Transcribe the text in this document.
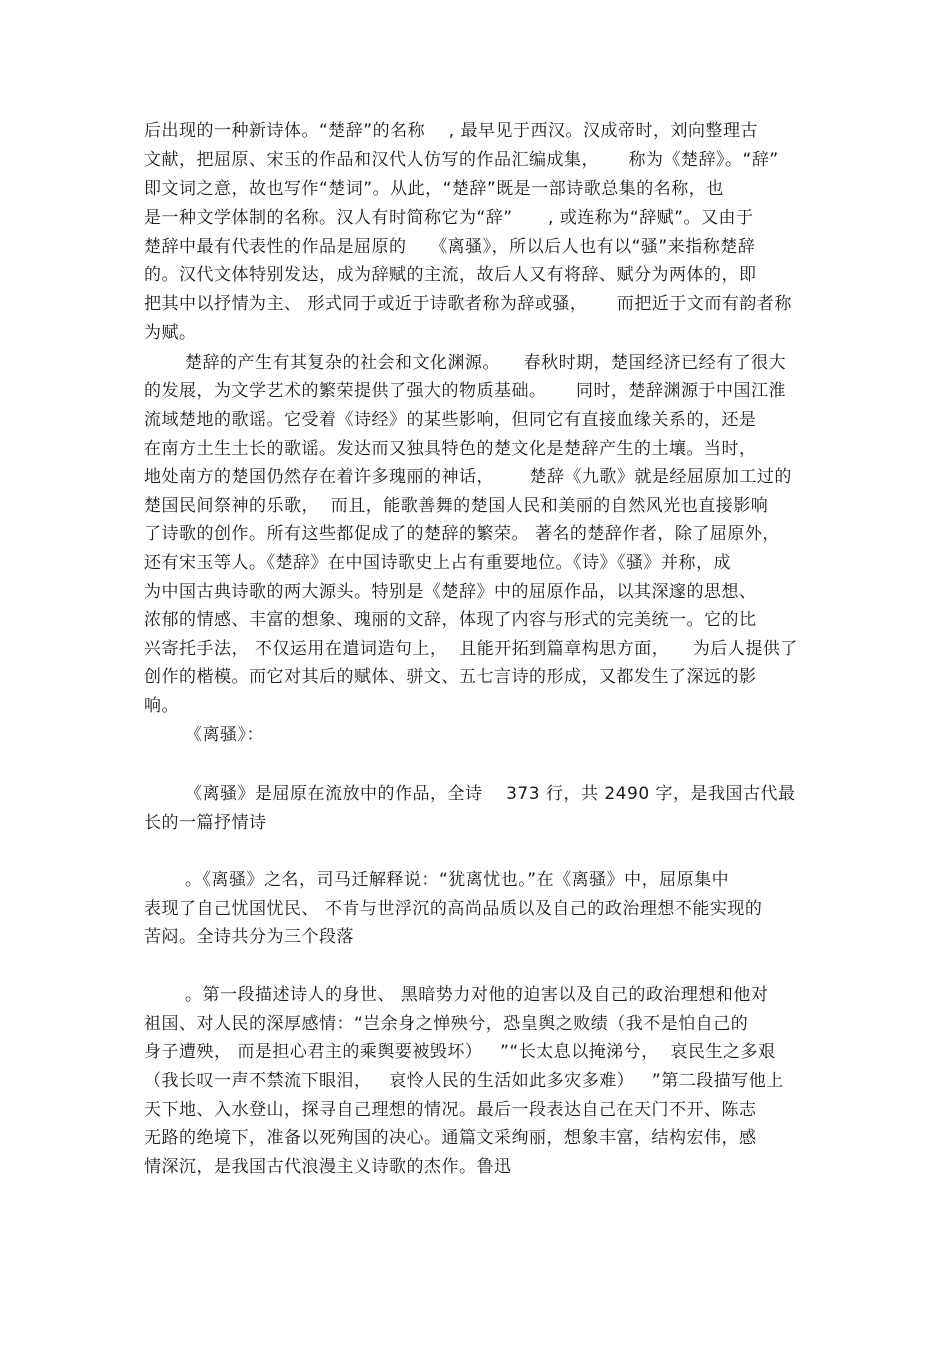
后出现的一种新诗体。“楚辞”的名称    , 最早见于西汉。汉成帝时，刘向整理古
文献，把屈原、宋玉的作品和汉代人仿写的作品汇编成集，     称为《楚辞》。“辞”
即文词之意，故也写作“楚词”。从此，“楚辞”既是一部诗歌总集的名称，也
是一种文学体制的名称。汉人有时简称它为“辞”      , 或连称为“辞赋”。又由于
楚辞中最有代表性的作品是屈原的    《离骚》，所以后人也有以“骚”来指称楚辞
的。汉代文体特别发达，成为辞赋的主流，故后人又有将辞、赋分为两体的，即
把其中以抒情为主、 形式同于或近于诗歌者称为辞或骚，     而把近于文而有韵者称
为赋。
楚辞的产生有其复杂的社会和文化渊源。    春秋时期，楚国经济已经有了很大
的发展，为文学艺术的繁荣提供了强大的物质基础。     同时，楚辞渊源于中国江淮
流域楚地的歌谣。它受着《诗经》的某些影响，但同它有直接血缘关系的，还是
在南方土生土长的歌谣。发达而又独具特色的楚文化是楚辞产生的土壤。当时，
地处南方的楚国仍然存在着许多瑰丽的神话，      楚辞《九歌》就是经屈原加工过的
楚国民间祭神的乐歌，  而且，能歌善舞的楚国人民和美丽的自然风光也直接影响
了诗歌的创作。所有这些都促成了的楚辞的繁荣。 著名的楚辞作者，除了屈原外，
还有宋玉等人。《楚辞》在中国诗歌史上占有重要地位。《诗》《骚》并称，成
为中国古典诗歌的两大源头。特别是《楚辞》中的屈原作品，以其深邃的思想、
浓郁的情感、丰富的想象、瑰丽的文辞，体现了内容与形式的完美统一。它的比
兴寄托手法， 不仅运用在遣词造句上，  且能开拓到篇章构思方面，    为后人提供了
创作的楷模。而它对其后的赋体、骈文、五七言诗的形成，又都发生了深远的影
响。
《离骚》：
《离骚》是屈原在流放中的作品，全诗    373 行，共 2490 字，是我国古代最
长的一篇抒情诗
。《离骚》之名，司马迁解释说：“犹离忧也。”在《离骚》中，屈原集中
表现了自己忧国忧民、 不肯与世浮沉的高尚品质以及自己的政治理想不能实现的
苦闷。全诗共分为三个段落
。第一段描述诗人的身世、 黑暗势力对他的迫害以及自己的政治理想和他对
祖国、对人民的深厚感情：“岂余身之惮殃兮，恐皇舆之败绩（我不是怕自己的
身子遭殃， 而是担心君主的乘舆要被毁坏）   ”“长太息以掩涕兮，  哀民生之多艰
（我长叹一声不禁流下眼泪，   哀怜人民的生活如此多灾多难）   ”第二段描写他上
天下地、入水登山，探寻自己理想的情况。最后一段表达自己在天门不开、陈志
无路的绝境下，准备以死殉国的决心。通篇文采绚丽，想象丰富，结构宏伟，感
情深沉，是我国古代浪漫主义诗歌的杰作。鲁迅
